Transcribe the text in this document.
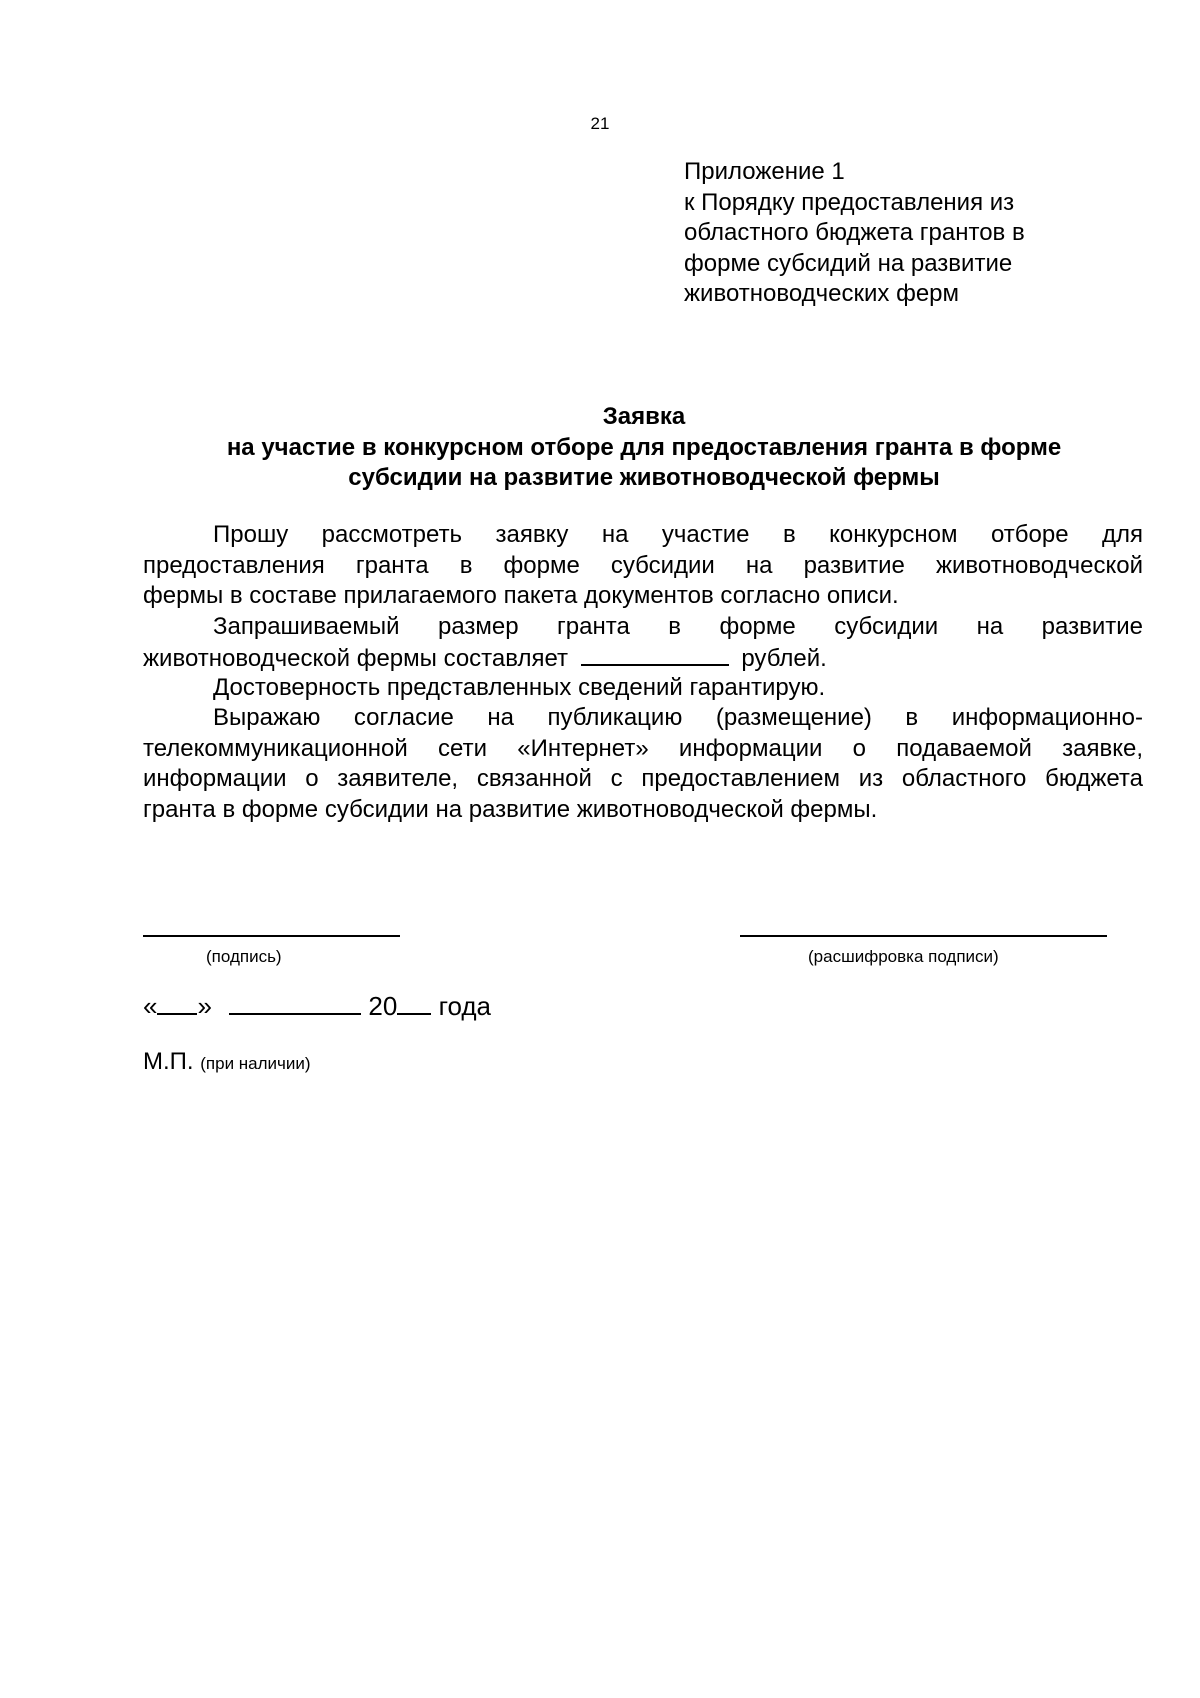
21
Приложение 1
к Порядку предоставления из
областного бюджета грантов в
форме субсидий на развитие
животноводческих ферм
Заявка
на участие в конкурсном отборе для предоставления гранта в форме
субсидии на развитие животноводческой фермы
Прошу рассмотреть заявку на участие в конкурсном отборе для
предоставления гранта в форме субсидии на развитие животноводческой
фермы в составе прилагаемого пакета документов согласно описи.
Запрашиваемый размер гранта в форме субсидии на развитие
животноводческой фермы составляет	рублей.
Достоверность представленных сведений гарантирую.
Выражаю согласие на публикацию (размещение) в информационно-
телекоммуникационной сети «Интернет» информации о подаваемой заявке,
информации о заявителе, связанной с предоставлением из областного бюджета
гранта в форме субсидии на развитие животноводческой фермы.
(подпись)	(расшифровка подписи)
« »	20 года
М.П. (при наличии)
